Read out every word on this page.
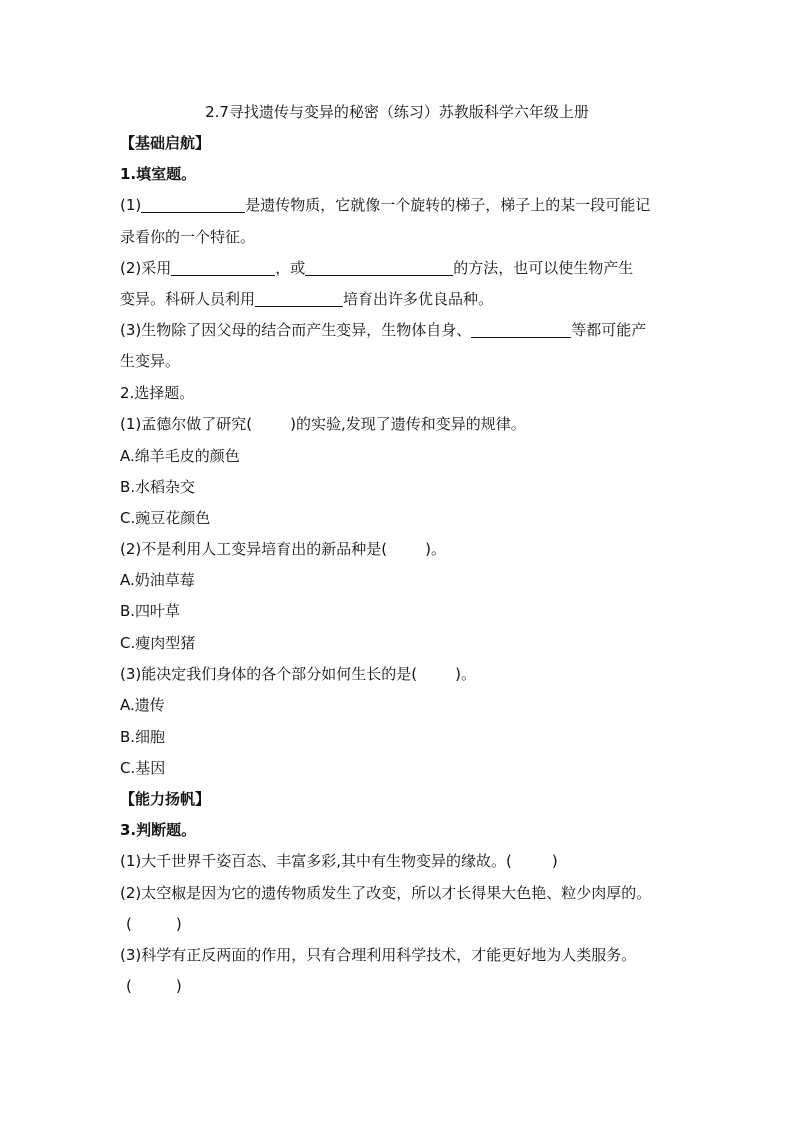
2.7寻找遗传与变异的秘密（练习）苏教版科学六年级上册
【基础启航】
1.填室题。
(1)	是遗传物质，它就像一个旋转的梯子，梯子上的某一段可能记
录看你的一个特征。
(2)采用	，或	的方法，也可以使生物产生
变异。科研人员利用	培育出许多优良品种。
(3)生物除了因父母的结合而产生变异，生物体自身、	等都可能产
生变异。
2.选择题。
(1)孟德尔做了研究(	)的实验,发现了遗传和变异的规律。
A.绵羊毛皮的颜色
B.水稻杂交
C.豌豆花颜色
(2)不是利用人工变异培育出的新品种是(	)。
A.奶油草莓
B.四叶草
C.瘦肉型猪
(3)能决定我们身体的各个部分如何生长的是(	)。
A.遗传
B.细胞
C.基因
【能力扬帆】
3.判断题。
(1)大千世界千姿百态、丰富多彩,其中有生物变异的缘故。(	)
(2)太空椒是因为它的遗传物质发生了改变，所以才长得果大色艳、粒少肉厚的。
(	)
(3)科学有正反两面的作用，只有合理利用科学技术，才能更好地为人类服务。
(	)
